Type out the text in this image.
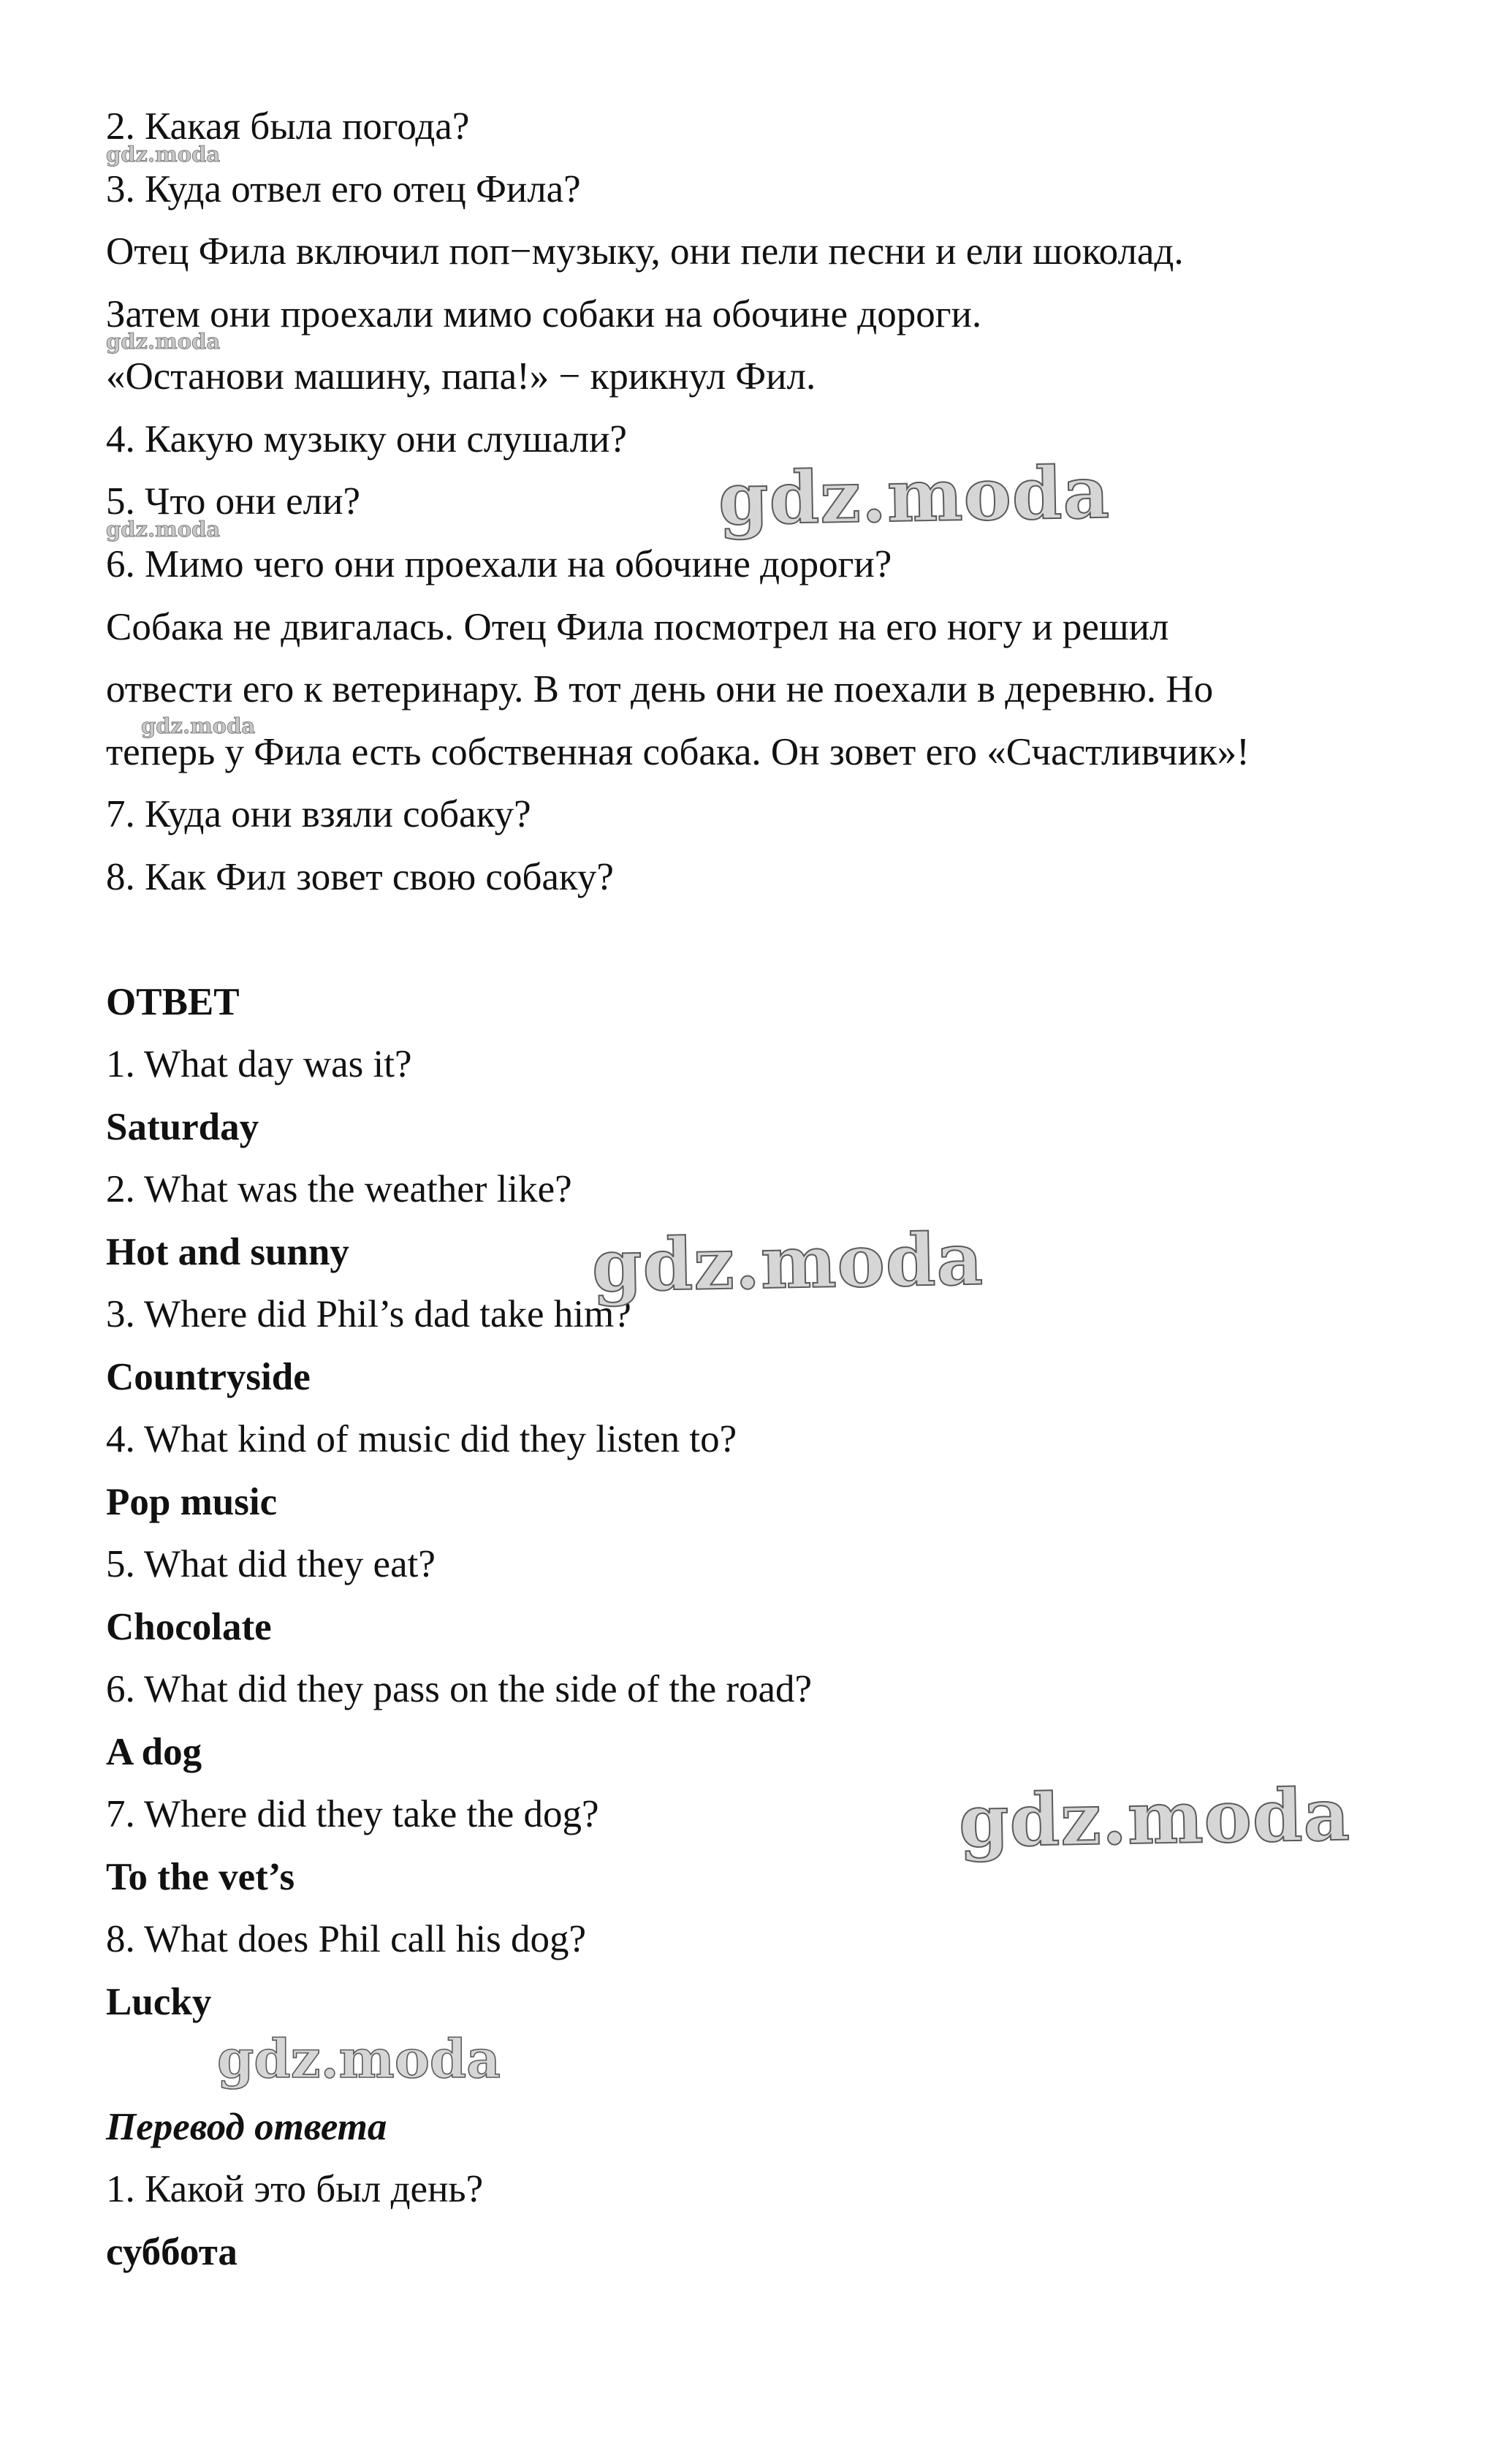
2. Какая была погода?

3. Куда отвел его отец Фила?

Отец Фила включил поп−музыку, они пели песни и ели шоколад.

Затем они проехали мимо собаки на обочине дороги.

«Останови машину, папа!» − крикнул Фил.

4. Какую музыку они слушали?

5. Что они ели?

6. Мимо чего они проехали на обочине дороги?

Собака не двигалась. Отец Фила посмотрел на его ногу и решил

отвести его к ветеринару. В тот день они не поехали в деревню. Но

теперь у Фила есть собственная собака. Он зовет его «Счастливчик»!

7. Куда они взяли собаку?

8. Как Фил зовет свою собаку?

ОТВЕТ

1. What day was it?

Saturday

2. What was the weather like?

Hot and sunny

3. Where did Phil’s dad take him?

Countryside

4. What kind of music did they listen to?

Pop music

5. What did they eat?

Chocolate

6. What did they pass on the side of the road?

A dog

7. Where did they take the dog?

To the vet’s

8. What does Phil call his dog?

Lucky

Перевод ответа

1. Какой это был день?

суббота

gdz.moda
gdz.moda
gdz.moda
gdz.moda
gdz.moda
gdz.moda
gdz.moda
gdz.moda
